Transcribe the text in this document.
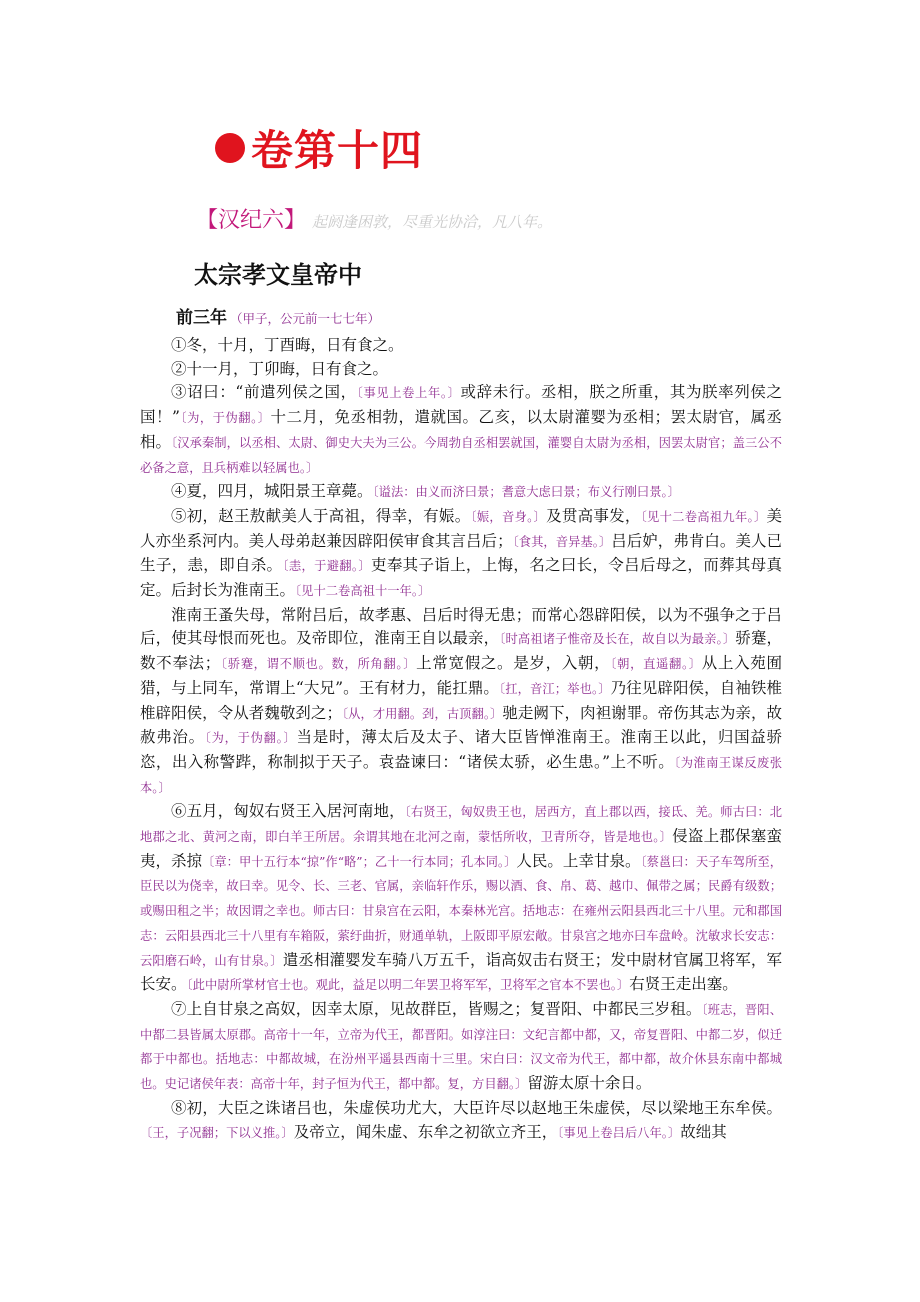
卷第十四
【汉纪六】 起阏逢困敦，尽重光协洽，凡八年。
太宗孝文皇帝中
前三年 （甲子，公元前一七七年）

①冬，十月，丁酉晦，日有食之。

②十一月，丁卯晦，日有食之。

③诏曰：“前遣列侯之国，〔事见上卷上年。〕或辞未行。丞相，朕之所重，其为朕率列侯之国！”〔为，于伪翻。〕十二月，免丞相勃，遣就国。乙亥，以太尉灌婴为丞相；罢太尉官，属丞相。〔汉承秦制，以丞相、太尉、御史大夫为三公。今周勃自丞相罢就国，灌婴自太尉为丞相，因罢太尉官；盖三公不必备之意，且兵柄难以轻属也。〕

④夏，四月，城阳景王章薨。〔谥法：由义而济曰景；耆意大虑曰景；布义行刚曰景。〕

⑤初，赵王敖献美人于高祖，得幸，有娠。〔娠，音身。〕及贯高事发，〔见十二卷高祖九年。〕美人亦坐系河内。美人母弟赵兼因辟阳侯审食其言吕后；〔食其，音异基。〕吕后妒，弗肯白。美人已生子，恚，即自杀。〔恚，于避翻。〕吏奉其子诣上，上悔，名之曰长，令吕后母之，而葬其母真定。后封长为淮南王。〔见十二卷高祖十一年。〕

淮南王蚤失母，常附吕后，故孝惠、吕后时得无患；而常心怨辟阳侯，以为不强争之于吕后，使其母恨而死也。及帝即位，淮南王自以最亲，〔时高祖诸子惟帝及长在，故自以为最亲。〕骄蹇，数不奉法；〔骄蹇，谓不顺也。数，所角翻。〕上常宽假之。是岁，入朝，〔朝，直遥翻。〕从上入苑囿猎，与上同车，常谓上“大兄”。王有材力，能扛鼎。〔扛，音江；举也。〕乃往见辟阳侯，自袖铁椎椎辟阳侯，令从者魏敬刭之；〔从，才用翻。刭，古顶翻。〕驰走阙下，肉袒谢罪。帝伤其志为亲，故赦弗治。〔为，于伪翻。〕当是时，薄太后及太子、诸大臣皆惮淮南王。淮南王以此，归国益骄恣，出入称警跸，称制拟于天子。袁盎谏曰：“诸侯太骄，必生患。”上不听。〔为淮南王谋反废张本。〕

⑥五月，匈奴右贤王入居河南地，〔右贤王，匈奴贵王也，居西方，直上郡以西，接氐、羌。师古曰：北地郡之北、黄河之南，即白羊王所居。余谓其地在北河之南，蒙恬所收，卫青所夺，皆是地也。〕侵盗上郡保塞蛮夷，杀掠〔章：甲十五行本“掠”作“略”；乙十一行本同；孔本同。〕人民。上幸甘泉。〔蔡邕曰：天子车驾所至，臣民以为侥幸，故曰幸。见令、长、三老、官属，亲临轩作乐，赐以酒、食、帛、葛、越巾、佩带之属；民爵有级数；或赐田租之半；故因谓之幸也。师古曰：甘泉宫在云阳，本秦林光宫。括地志：在雍州云阳县西北三十八里。元和郡国志：云阳县西北三十八里有车箱阪，萦纡曲折，财通单轨，上阪即平原宏敞。甘泉宫之地亦曰车盘岭。沈敏求长安志：云阳磨石岭，山有甘泉。〕遣丞相灌婴发车骑八万五千，诣高奴击右贤王；发中尉材官属卫将军，军长安。〔此中尉所掌材官士也。观此，益足以明二年罢卫将军军，卫将军之官本不罢也。〕右贤王走出塞。

⑦上自甘泉之高奴，因幸太原，见故群臣，皆赐之；复晋阳、中都民三岁租。〔班志，晋阳、中都二县皆属太原郡。高帝十一年，立帝为代王，都晋阳。如淳注曰：文纪言都中都，又，帝复晋阳、中都二岁，似迁都于中都也。括地志：中都故城，在汾州平遥县西南十三里。宋白曰：汉文帝为代王，都中都，故介休县东南中都城也。史记诸侯年表：高帝十年，封子恒为代王，都中都。复，方目翻。〕留游太原十余日。

⑧初，大臣之诛诸吕也，朱虚侯功尤大，大臣许尽以赵地王朱虚侯，尽以梁地王东牟侯。〔王，子况翻；下以义推。〕及帝立，闻朱虚、东牟之初欲立齐王，〔事见上卷吕后八年。〕故绌其
